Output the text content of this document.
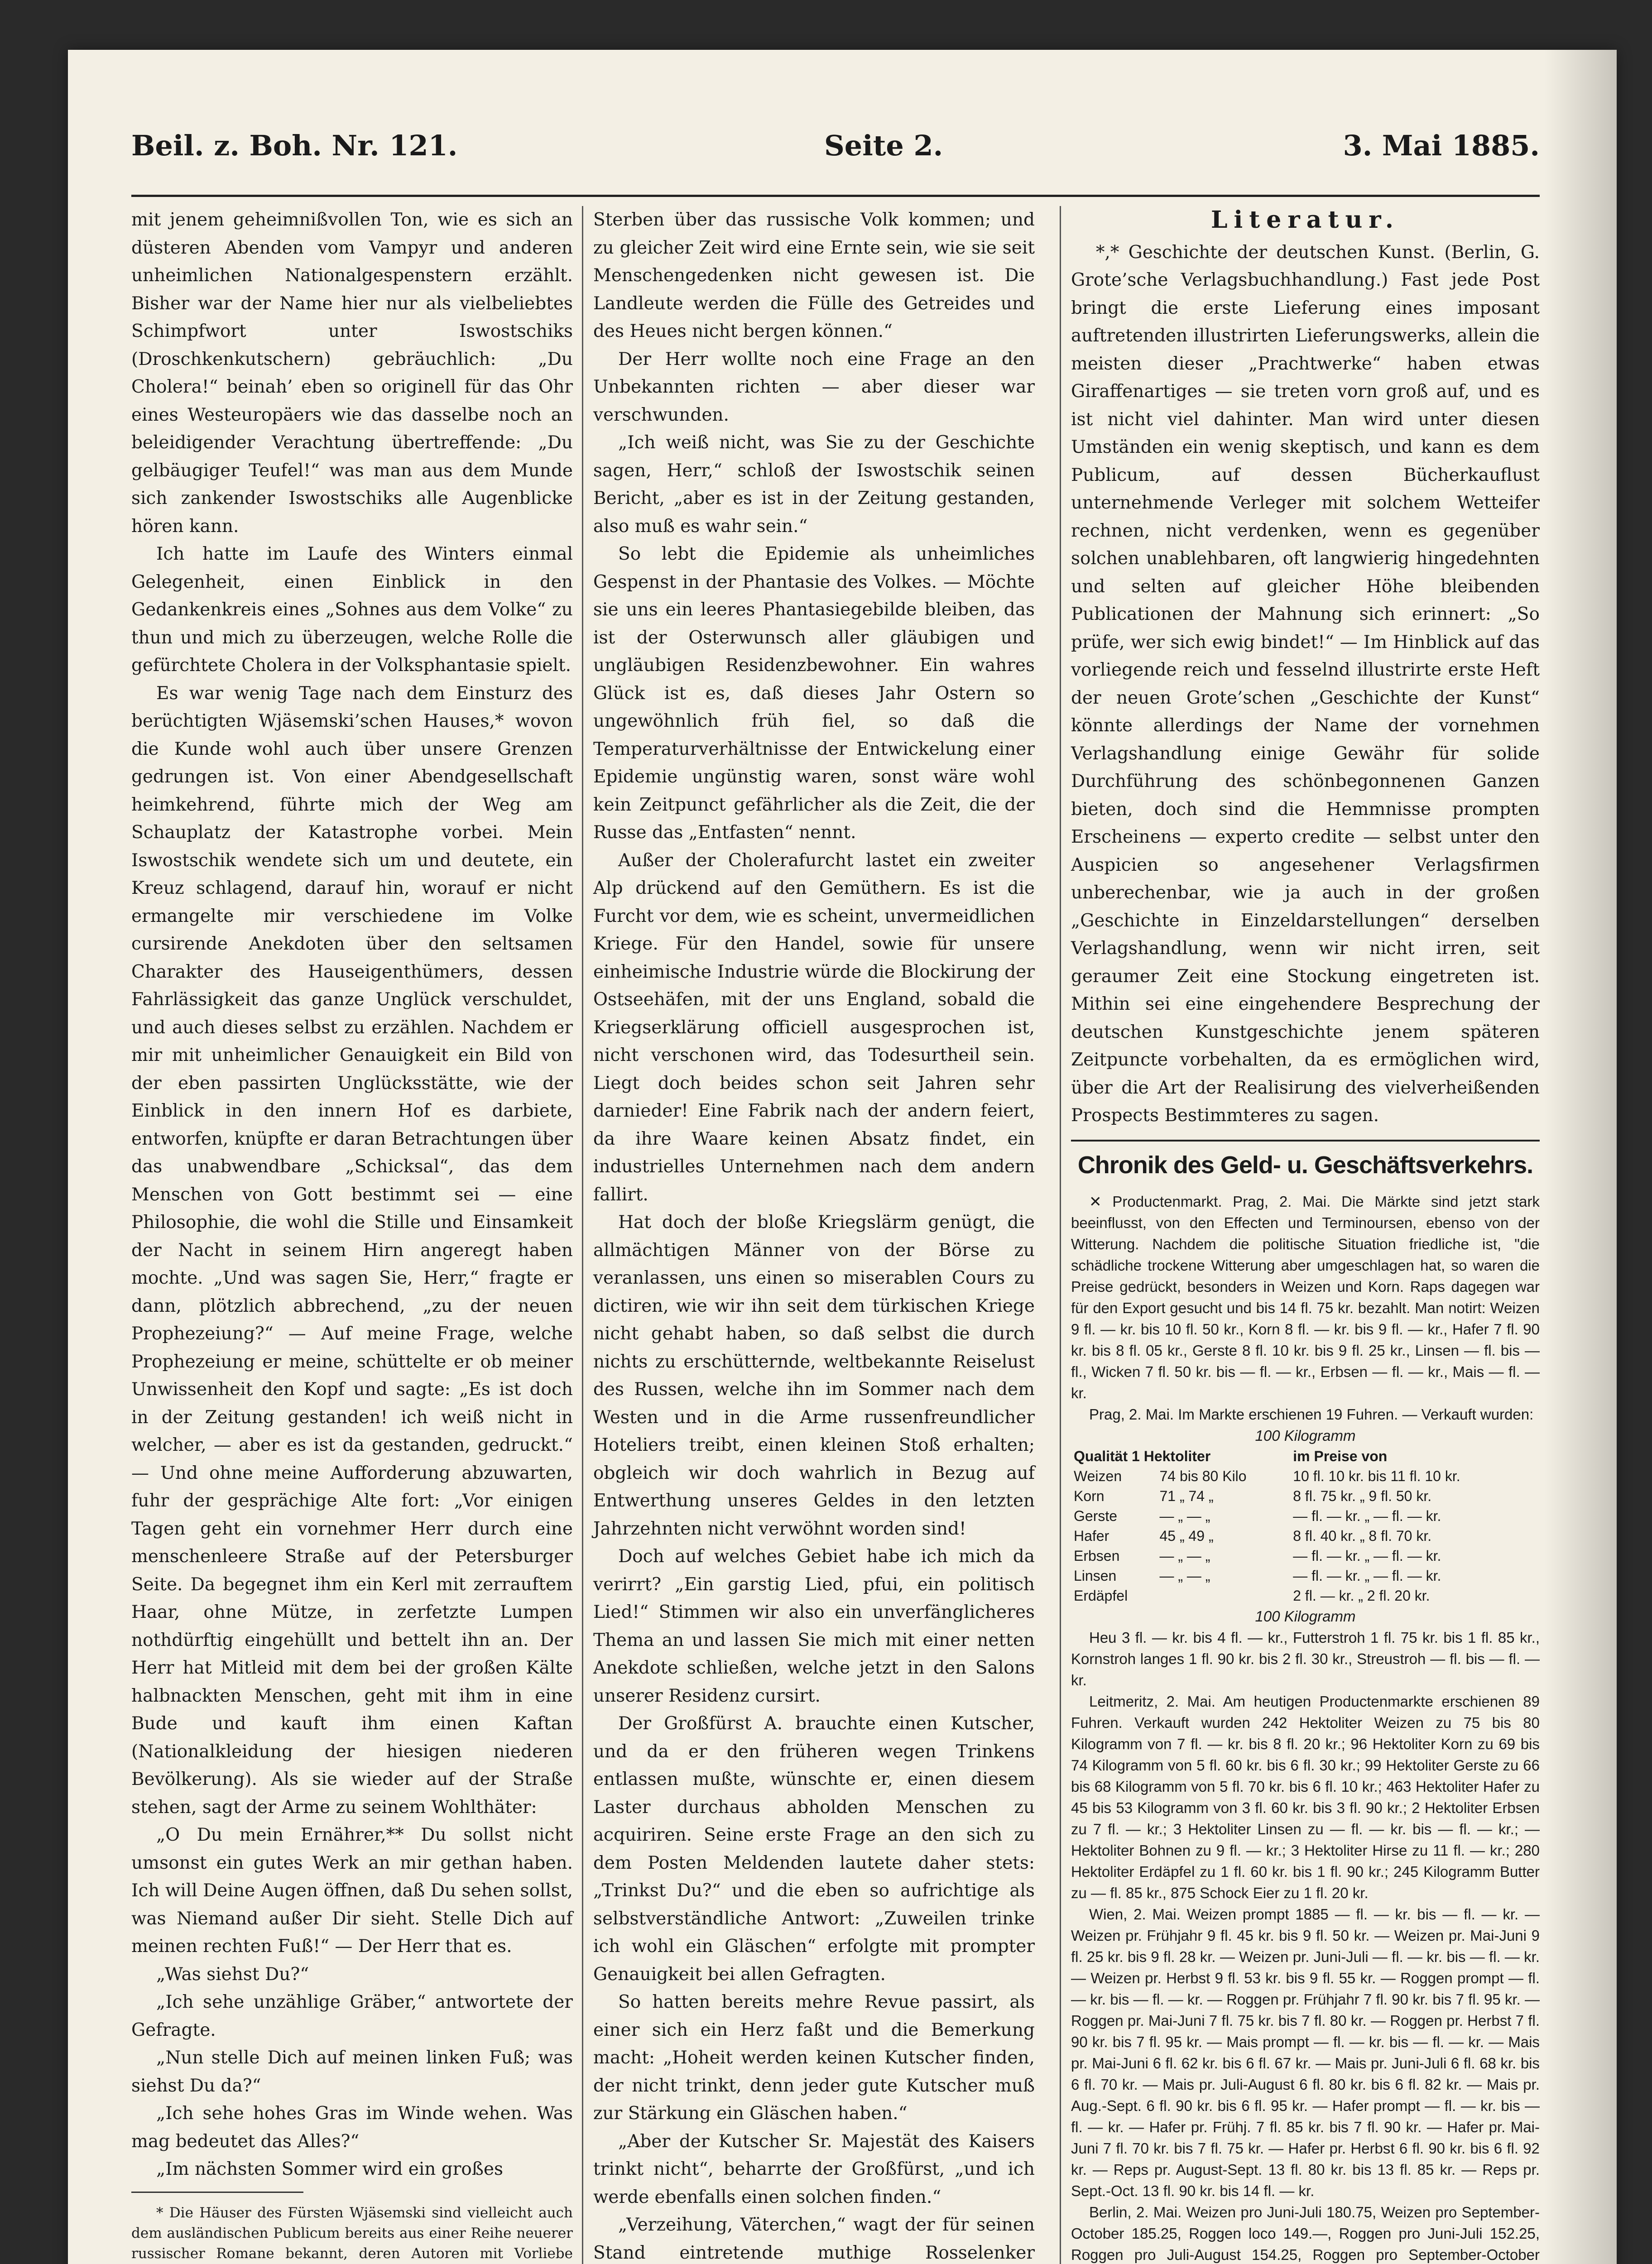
Beil. z. Boh. Nr. 121.	Seite 2.	3. Mai 1885.

mit jenem geheimnißvollen Ton, wie es sich an düsteren Abenden vom Vampyr und anderen unheimlichen Nationalgespenstern erzählt. Bisher war der Name hier nur als vielbeliebtes Schimpfwort unter Iswostschiks (Droschkenkutschern) gebräuchlich: „Du Cholera!“ beinah’ eben so originell für das Ohr eines Westeuropäers wie das dasselbe noch an beleidigender Verachtung übertreffende: „Du gelbäugiger Teufel!“ was man aus dem Munde sich zankender Iswostschiks alle Augenblicke hören kann.

Ich hatte im Laufe des Winters einmal Gelegenheit, einen Einblick in den Gedankenkreis eines „Sohnes aus dem Volke“ zu thun und mich zu überzeugen, welche Rolle die gefürchtete Cholera in der Volksphantasie spielt.

Es war wenig Tage nach dem Einsturz des berüchtigten Wjäsemski’schen Hauses,* wovon die Kunde wohl auch über unsere Grenzen gedrungen ist. Von einer Abendgesellschaft heimkehrend, führte mich der Weg am Schauplatz der Katastrophe vorbei. Mein Iswostschik wendete sich um und deutete, ein Kreuz schlagend, darauf hin, worauf er nicht ermangelte mir verschiedene im Volke cursirende Anekdoten über den seltsamen Charakter des Hauseigenthümers, dessen Fahrlässigkeit das ganze Unglück verschuldet, und auch dieses selbst zu erzählen. Nachdem er mir mit unheimlicher Genauigkeit ein Bild von der eben passirten Unglücksstätte, wie der Einblick in den innern Hof es darbiete, entworfen, knüpfte er daran Betrachtungen über das unabwendbare „Schicksal“, das dem Menschen von Gott bestimmt sei — eine Philosophie, die wohl die Stille und Einsamkeit der Nacht in seinem Hirn angeregt haben mochte. „Und was sagen Sie, Herr,“ fragte er dann, plötzlich abbrechend, „zu der neuen Prophezeiung?“ — Auf meine Frage, welche Prophezeiung er meine, schüttelte er ob meiner Unwissenheit den Kopf und sagte: „Es ist doch in der Zeitung gestanden! ich weiß nicht in welcher, — aber es ist da gestanden, gedruckt.“ — Und ohne meine Aufforderung abzuwarten, fuhr der gesprächige Alte fort: „Vor einigen Tagen geht ein vornehmer Herr durch eine menschenleere Straße auf der Petersburger Seite. Da begegnet ihm ein Kerl mit zerrauftem Haar, ohne Mütze, in zerfetzte Lumpen nothdürftig eingehüllt und bettelt ihn an. Der Herr hat Mitleid mit dem bei der großen Kälte halbnackten Menschen, geht mit ihm in eine Bude und kauft ihm einen Kaftan (Nationalkleidung der hiesigen niederen Bevölkerung). Als sie wieder auf der Straße stehen, sagt der Arme zu seinem Wohlthäter:

„O Du mein Ernährer,** Du sollst nicht umsonst ein gutes Werk an mir gethan haben. Ich will Deine Augen öffnen, daß Du sehen sollst, was Niemand außer Dir sieht. Stelle Dich auf meinen rechten Fuß!“ — Der Herr that es.

„Was siehst Du?“

„Ich sehe unzählige Gräber,“ antwortete der Gefragte.

„Nun stelle Dich auf meinen linken Fuß; was siehst Du da?“

„Ich sehe hohes Gras im Winde wehen. Was mag bedeutet das Alles?“

„Im nächsten Sommer wird ein großes

* Die Häuser des Fürsten Wjäsemski sind vielleicht auch dem ausländischen Publicum bereits aus einer Reihe neuerer russischer Romane bekannt, deren Autoren mit Vorliebe

Sterben über das russische Volk kommen; und zu gleicher Zeit wird eine Ernte sein, wie sie seit Menschengedenken nicht gewesen ist. Die Landleute werden die Fülle des Getreides und des Heues nicht bergen können.“

Der Herr wollte noch eine Frage an den Unbekannten richten — aber dieser war verschwunden.

„Ich weiß nicht, was Sie zu der Geschichte sagen, Herr,“ schloß der Iswostschik seinen Bericht, „aber es ist in der Zeitung gestanden, also muß es wahr sein.“

So lebt die Epidemie als unheimliches Gespenst in der Phantasie des Volkes. — Möchte sie uns ein leeres Phantasiegebilde bleiben, das ist der Osterwunsch aller gläubigen und ungläubigen Residenzbewohner. Ein wahres Glück ist es, daß dieses Jahr Ostern so ungewöhnlich früh fiel, so daß die Temperaturverhältnisse der Entwickelung einer Epidemie ungünstig waren, sonst wäre wohl kein Zeitpunct gefährlicher als die Zeit, die der Russe das „Entfasten“ nennt.

Außer der Cholerafurcht lastet ein zweiter Alp drückend auf den Gemüthern. Es ist die Furcht vor dem, wie es scheint, unvermeidlichen Kriege. Für den Handel, sowie für unsere einheimische Industrie würde die Blockirung der Ostseehäfen, mit der uns England, sobald die Kriegserklärung officiell ausgesprochen ist, nicht verschonen wird, das Todesurtheil sein. Liegt doch beides schon seit Jahren sehr darnieder! Eine Fabrik nach der andern feiert, da ihre Waare keinen Absatz findet, ein industrielles Unternehmen nach dem andern fallirt.

Hat doch der bloße Kriegslärm genügt, die allmächtigen Männer von der Börse zu veranlassen, uns einen so miserablen Cours zu dictiren, wie wir ihn seit dem türkischen Kriege nicht gehabt haben, so daß selbst die durch nichts zu erschütternde, weltbekannte Reiselust des Russen, welche ihn im Sommer nach dem Westen und in die Arme russenfreundlicher Hoteliers treibt, einen kleinen Stoß erhalten; obgleich wir doch wahrlich in Bezug auf Entwerthung unseres Geldes in den letzten Jahrzehnten nicht verwöhnt worden sind!

Doch auf welches Gebiet habe ich mich da verirrt? „Ein garstig Lied, pfui, ein politisch Lied!“ Stimmen wir also ein unverfänglicheres Thema an und lassen Sie mich mit einer netten Anekdote schließen, welche jetzt in den Salons unserer Residenz cursirt.

Der Großfürst A. brauchte einen Kutscher, und da er den früheren wegen Trinkens entlassen mußte, wünschte er, einen diesem Laster durchaus abholden Menschen zu acquiriren. Seine erste Frage an den sich zu dem Posten Meldenden lautete daher stets: „Trinkst Du?“ und die eben so aufrichtige als selbstverständliche Antwort: „Zuweilen trinke ich wohl ein Gläschen“ erfolgte mit prompter Genauigkeit bei allen Gefragten.

So hatten bereits mehre Revue passirt, als einer sich ein Herz faßt und die Bemerkung macht: „Hoheit werden keinen Kutscher finden, der nicht trinkt, denn jeder gute Kutscher muß zur Stärkung ein Gläschen haben.“

„Aber der Kutscher Sr. Majestät des Kaisers trinkt nicht“, beharrte der Großfürst, „und ich werde ebenfalls einen solchen finden.“

„Verzeihung, Väterchen,“ wagt der für seinen Stand eintretende muthige Rosselenker

Literatur.

*,* Geschichte der deutschen Kunst. (Berlin, G. Grote’sche Verlagsbuchhandlung.) Fast jede Post bringt die erste Lieferung eines imposant auftretenden illustrirten Lieferungswerks, allein die meisten dieser „Prachtwerke“ haben etwas Giraffenartiges — sie treten vorn groß auf, und es ist nicht viel dahinter. Man wird unter diesen Umständen ein wenig skeptisch, und kann es dem Publicum, auf dessen Bücherkauflust unternehmende Verleger mit solchem Wetteifer rechnen, nicht verdenken, wenn es gegenüber solchen unablehbaren, oft langwierig hingedehnten und selten auf gleicher Höhe bleibenden Publicationen der Mahnung sich erinnert: „So prüfe, wer sich ewig bindet!“ — Im Hinblick auf das vorliegende reich und fesselnd illustrirte erste Heft der neuen Grote’schen „Geschichte der Kunst“ könnte allerdings der Name der vornehmen Verlagshandlung einige Gewähr für solide Durchführung des schönbegonnenen Ganzen bieten, doch sind die Hemmnisse prompten Erscheinens — experto credite — selbst unter den Auspicien so angesehener Verlagsfirmen unberechenbar, wie ja auch in der großen „Geschichte in Einzeldarstellungen“ derselben Verlagshandlung, wenn wir nicht irren, seit geraumer Zeit eine Stockung eingetreten ist. Mithin sei eine eingehendere Besprechung der deutschen Kunstgeschichte jenem späteren Zeitpuncte vorbehalten, da es ermöglichen wird, über die Art der Realisirung des vielverheißenden Prospects Bestimmteres zu sagen.

Chronik des Geld- u. Geschäftsverkehrs.

✕ Productenmarkt. Prag, 2. Mai. Die Märkte sind jetzt stark beeinflusst, von den Effecten und Terminoursen, ebenso von der Witterung. Nachdem die politische Situation friedliche ist, "die schädliche trockene Witterung aber umgeschlagen hat, so waren die Preise gedrückt, besonders in Weizen und Korn. Raps dagegen war für den Export gesucht und bis 14 fl. 75 kr. bezahlt. Man notirt: Weizen 9 fl. — kr. bis 10 fl. 50 kr., Korn 8 fl. — kr. bis 9 fl. — kr., Hafer 7 fl. 90 kr. bis 8 fl. 05 kr., Gerste 8 fl. 10 kr. bis 9 fl. 25 kr., Linsen — fl. bis — fl., Wicken 7 fl. 50 kr. bis — fl. — kr., Erbsen — fl. — kr., Mais — fl. — kr.

Prag, 2. Mai. Im Markte erschienen 19 Fuhren. — Verkauft wurden:

100 Kilogramm
Qualität 1 Hektoliter		im Preise von
Weizen	74 bis 80 Kilo	10 fl. 10 kr. bis 11 fl. 10 kr.
Korn	71 „ 74 „	8 fl. 75 kr. „ 9 fl. 50 kr.
Gerste	— „ — „	— fl. — kr. „ — fl. — kr.
Hafer	45 „ 49 „	8 fl. 40 kr. „ 8 fl. 70 kr.
Erbsen	— „ — „	— fl. — kr. „ — fl. — kr.
Linsen	— „ — „	— fl. — kr. „ — fl. — kr.
Erdäpfel		2 fl. — kr. „ 2 fl. 20 kr.
100 Kilogramm

Heu 3 fl. — kr. bis 4 fl. — kr., Futterstroh 1 fl. 75 kr. bis 1 fl. 85 kr., Kornstroh langes 1 fl. 90 kr. bis 2 fl. 30 kr., Streustroh — fl. bis — fl. — kr.

Leitmeritz, 2. Mai. Am heutigen Productenmarkte erschienen 89 Fuhren. Verkauft wurden 242 Hektoliter Weizen zu 75 bis 80 Kilogramm von 7 fl. — kr. bis 8 fl. 20 kr.; 96 Hektoliter Korn zu 69 bis 74 Kilogramm von 5 fl. 60 kr. bis 6 fl. 30 kr.; 99 Hektoliter Gerste zu 66 bis 68 Kilogramm von 5 fl. 70 kr. bis 6 fl. 10 kr.; 463 Hektoliter Hafer zu 45 bis 53 Kilogramm von 3 fl. 60 kr. bis 3 fl. 90 kr.; 2 Hektoliter Erbsen zu 7 fl. — kr.; 3 Hektoliter Linsen zu — fl. — kr. bis — fl. — kr.; — Hektoliter Bohnen zu 9 fl. — kr.; 3 Hektoliter Hirse zu 11 fl. — kr.; 280 Hektoliter Erdäpfel zu 1 fl. 60 kr. bis 1 fl. 90 kr.; 245 Kilogramm Butter zu — fl. 85 kr., 875 Schock Eier zu 1 fl. 20 kr.

Wien, 2. Mai. Weizen prompt 1885 — fl. — kr. bis — fl. — kr. — Weizen pr. Frühjahr 9 fl. 45 kr. bis 9 fl. 50 kr. — Weizen pr. Mai-Juni 9 fl. 25 kr. bis 9 fl. 28 kr. — Weizen pr. Juni-Juli — fl. — kr. bis — fl. — kr. — Weizen pr. Herbst 9 fl. 53 kr. bis 9 fl. 55 kr. — Roggen prompt — fl. — kr. bis — fl. — kr. — Roggen pr. Frühjahr 7 fl. 90 kr. bis 7 fl. 95 kr. — Roggen pr. Mai-Juni 7 fl. 75 kr. bis 7 fl. 80 kr. — Roggen pr. Herbst 7 fl. 90 kr. bis 7 fl. 95 kr. — Mais prompt — fl. — kr. bis — fl. — kr. — Mais pr. Mai-Juni 6 fl. 62 kr. bis 6 fl. 67 kr. — Mais pr. Juni-Juli 6 fl. 68 kr. bis 6 fl. 70 kr. — Mais pr. Juli-August 6 fl. 80 kr. bis 6 fl. 82 kr. — Mais pr. Aug.-Sept. 6 fl. 90 kr. bis 6 fl. 95 kr. — Hafer prompt — fl. — kr. bis — fl. — kr. — Hafer pr. Frühj. 7 fl. 85 kr. bis 7 fl. 90 kr. — Hafer pr. Mai-Juni 7 fl. 70 kr. bis 7 fl. 75 kr. — Hafer pr. Herbst 6 fl. 90 kr. bis 6 fl. 92 kr. — Reps pr. August-Sept. 13 fl. 80 kr. bis 13 fl. 85 kr. — Reps pr. Sept.-Oct. 13 fl. 90 kr. bis 14 fl. — kr.

Berlin, 2. Mai. Weizen pro Juni-Juli 180.75, Weizen pro September-October 185.25, Roggen loco 149.—, Roggen pro Juni-Juli 152.25, Roggen pro Juli-August 154.25, Roggen pro September-October
